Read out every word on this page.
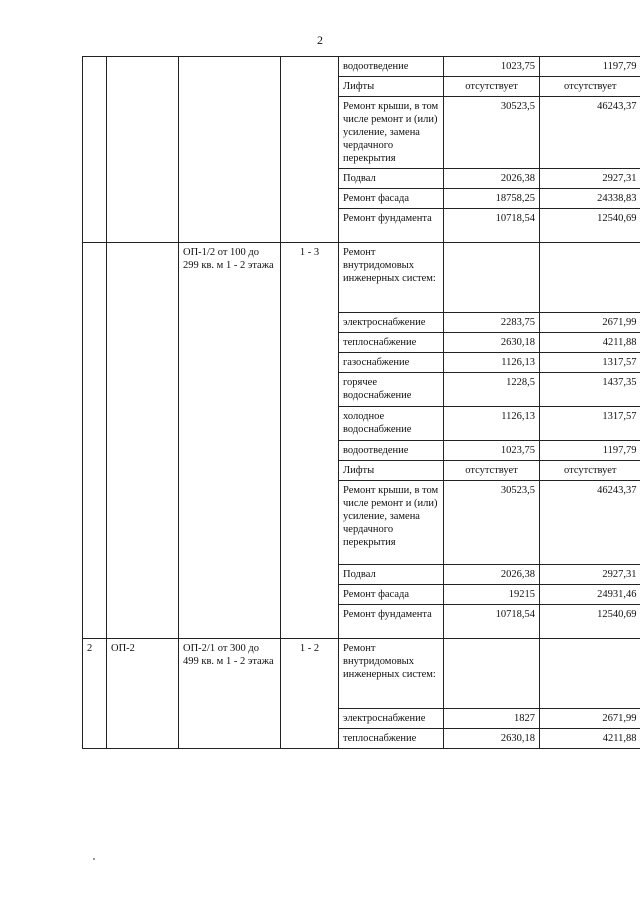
2
				водоотведение	1023,75	1197,79
				Лифты	отсутствует	отсутствует
				Ремонт крыши, в том числе ремонт и (или) усиление, замена чердачного перекрытия	30523,5	46243,37
				Подвал	2026,38	2927,31
				Ремонт фасада	18758,25	24338,83
				Ремонт фундамента	10718,54	12540,69
		ОП-1/2 от 100 до 299 кв. м 1 - 2 этажа	1 - 3	Ремонт внутридомовых инженерных систем:		
				электроснабжение	2283,75	2671,99
				теплоснабжение	2630,18	4211,88
				газоснабжение	1126,13	1317,57
				горячее водоснабжение	1228,5	1437,35
				холодное водоснабжение	1126,13	1317,57
				водоотведение	1023,75	1197,79
				Лифты	отсутствует	отсутствует
				Ремонт крыши, в том числе ремонт и (или) усиление, замена чердачного перекрытия	30523,5	46243,37
				Подвал	2026,38	2927,31
				Ремонт фасада	19215	24931,46
				Ремонт фундамента	10718,54	12540,69
2	ОП-2	ОП-2/1 от 300 до 499 кв. м 1 - 2 этажа	1 - 2	Ремонт внутридомовых инженерных систем:		
				электроснабжение	1827	2671,99
				теплоснабжение	2630,18	4211,88
